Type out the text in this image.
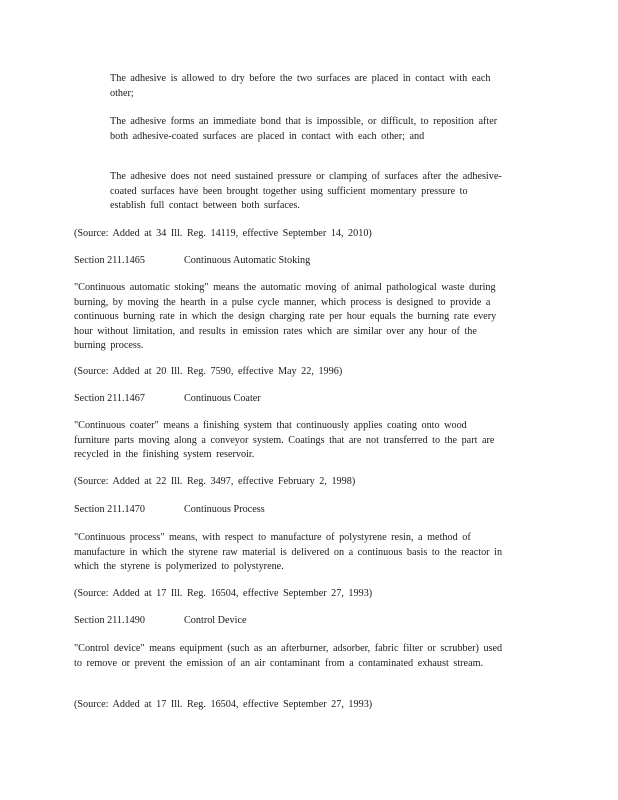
The adhesive is allowed to dry before the two surfaces are placed in contact with each other;

The adhesive forms an immediate bond that is impossible, or difficult, to reposition after both adhesive-coated surfaces are placed in contact with each other; and

The adhesive does not need sustained pressure or clamping of surfaces after the adhesive-coated surfaces have been brought together using sufficient momentary pressure to establish full contact between both surfaces.

(Source: Added at 34 Ill. Reg. 14119, effective September 14, 2010)

Section 211.1465	Continuous Automatic Stoking

"Continuous automatic stoking" means the automatic moving of animal pathological waste during burning, by moving the hearth in a pulse cycle manner, which process is designed to provide a continuous burning rate in which the design charging rate per hour equals the burning rate every hour without limitation, and results in emission rates which are similar over any hour of the burning process.

(Source: Added at 20 Ill. Reg. 7590, effective May 22, 1996)

Section 211.1467	Continuous Coater

"Continuous coater" means a finishing system that continuously applies coating onto wood furniture parts moving along a conveyor system. Coatings that are not transferred to the part are recycled in the finishing system reservoir.

(Source: Added at 22 Ill. Reg. 3497, effective February 2, 1998)

Section 211.1470	Continuous Process

"Continuous process" means, with respect to manufacture of polystyrene resin, a method of manufacture in which the styrene raw material is delivered on a continuous basis to the reactor in which the styrene is polymerized to polystyrene.

(Source: Added at 17 Ill. Reg. 16504, effective September 27, 1993)

Section 211.1490	Control Device

"Control device" means equipment (such as an afterburner, adsorber, fabric filter or scrubber) used to remove or prevent the emission of an air contaminant from a contaminated exhaust stream.

(Source: Added at 17 Ill. Reg. 16504, effective September 27, 1993)
